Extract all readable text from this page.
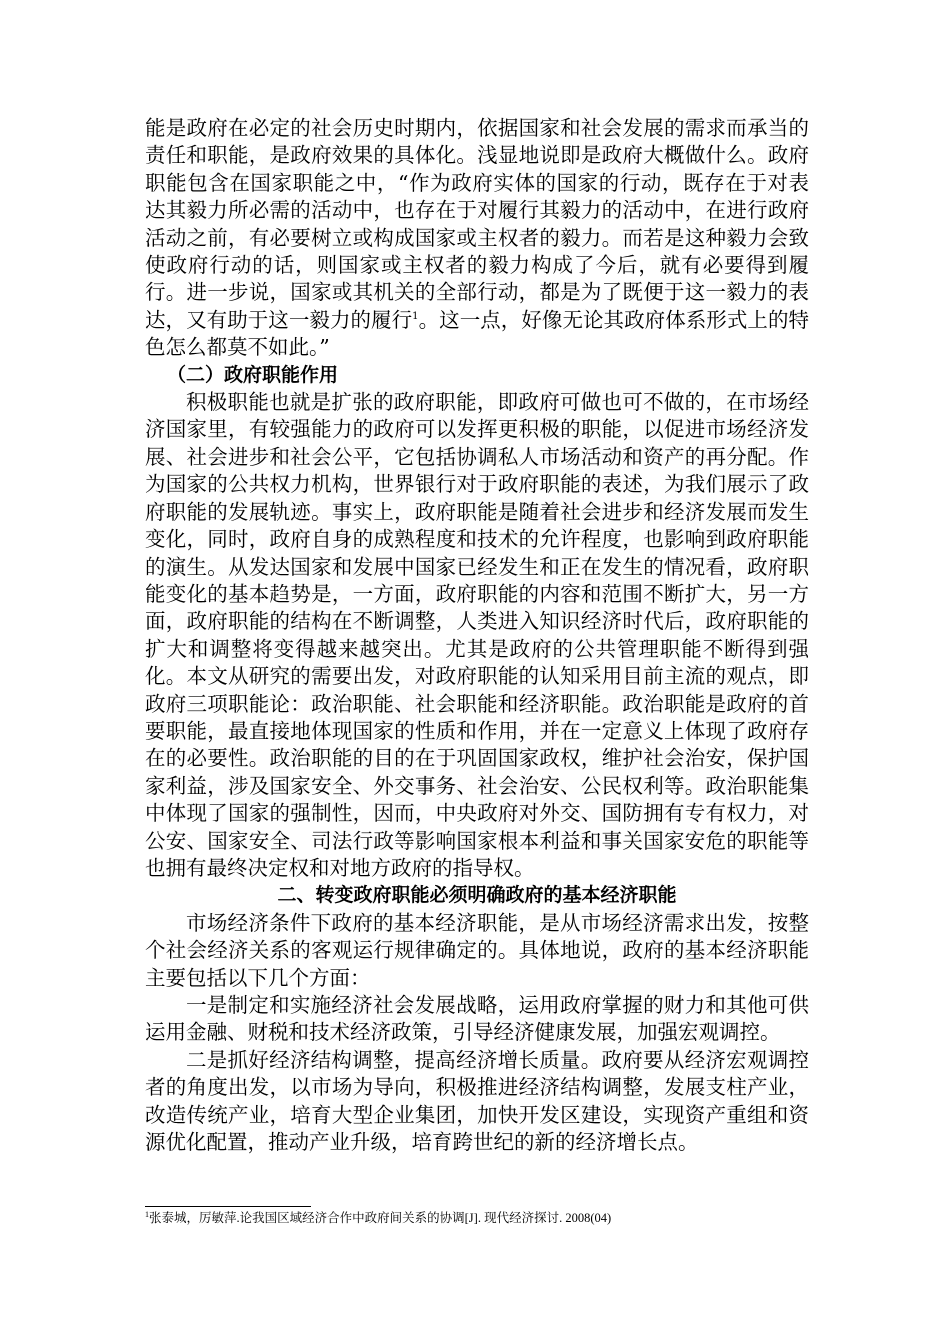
能是政府在必定的社会历史时期内，依据国家和社会发展的需求而承当的责任和职能，是政府效果的具体化。浅显地说即是政府大概做什么。政府职能包含在国家职能之中，“作为政府实体的国家的行动，既存在于对表达其毅力所必需的活动中，也存在于对履行其毅力的活动中，在进行政府活动之前，有必要树立或构成国家或主权者的毅力。而若是这种毅力会致使政府行动的话，则国家或主权者的毅力构成了今后，就有必要得到履行。进一步说，国家或其机关的全部行动，都是为了既便于这一毅力的表达，又有助于这一毅力的履行$^1$。这一点，好像无论其政府体系形式上的特色怎么都莫不如此。”

（二）政府职能作用

积极职能也就是扩张的政府职能，即政府可做也可不做的，在市场经济国家里，有较强能力的政府可以发挥更积极的职能，以促进市场经济发展、社会进步和社会公平，它包括协调私人市场活动和资产的再分配。作为国家的公共权力机构，世界银行对于政府职能的表述，为我们展示了政府职能的发展轨迹。事实上，政府职能是随着社会进步和经济发展而发生变化，同时，政府自身的成熟程度和技术的允许程度，也影响到政府职能的演生。从发达国家和发展中国家已经发生和正在发生的情况看，政府职能变化的基本趋势是，一方面，政府职能的内容和范围不断扩大，另一方面，政府职能的结构在不断调整，人类进入知识经济时代后，政府职能的扩大和调整将变得越来越突出。尤其是政府的公共管理职能不断得到强化。本文从研究的需要出发，对政府职能的认知采用目前主流的观点，即政府三项职能论：政治职能、社会职能和经济职能。政治职能是政府的首要职能，最直接地体现国家的性质和作用，并在一定意义上体现了政府存在的必要性。政治职能的目的在于巩固国家政权，维护社会治安，保护国家利益，涉及国家安全、外交事务、社会治安、公民权利等。政治职能集中体现了国家的强制性，因而，中央政府对外交、国防拥有专有权力，对公安、国家安全、司法行政等影响国家根本利益和事关国家安危的职能等也拥有最终决定权和对地方政府的指导权。

二、转变政府职能必须明确政府的基本经济职能

市场经济条件下政府的基本经济职能，是从市场经济需求出发，按整个社会经济关系的客观运行规律确定的。具体地说，政府的基本经济职能主要包括以下几个方面：

一是制定和实施经济社会发展战略，运用政府掌握的财力和其他可供运用金融、财税和技术经济政策，引导经济健康发展，加强宏观调控。

二是抓好经济结构调整，提高经济增长质量。政府要从经济宏观调控者的角度出发，以市场为导向，积极推进经济结构调整，发展支柱产业，改造传统产业，培育大型企业集团，加快开发区建设，实现资产重组和资源优化配置，推动产业升级，培育跨世纪的新的经济增长点。

$^1$张泰城，厉敏萍.论我国区域经济合作中政府间关系的协调[J]. 现代经济探讨. 2008(04)
